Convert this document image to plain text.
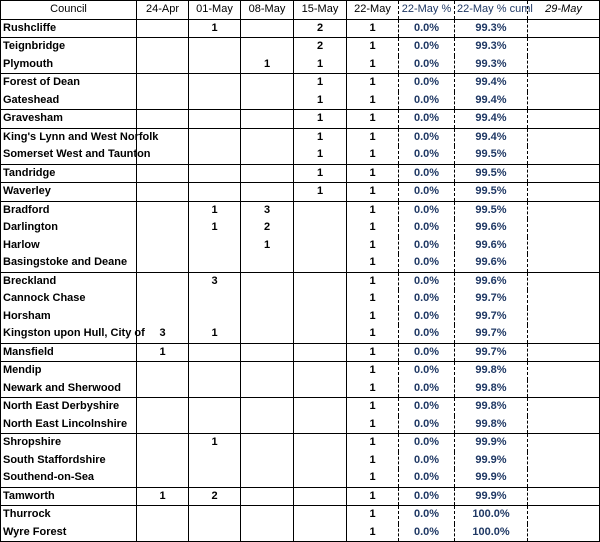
Council	24-Apr	01-May	08-May	15-May	22-May	22-May %	22-May % cuml	29-May
Rushcliffe		1		2	1	0.0%	99.3%	
Teignbridge				2	1	0.0%	99.3%	
Plymouth			1	1	1	0.0%	99.3%	
Forest of Dean				1	1	0.0%	99.4%	
Gateshead				1	1	0.0%	99.4%	
Gravesham				1	1	0.0%	99.4%	
King's Lynn and West Norfolk				1	1	0.0%	99.4%	
Somerset West and Taunton				1	1	0.0%	99.5%	
Tandridge				1	1	0.0%	99.5%	
Waverley				1	1	0.0%	99.5%	
Bradford		1	3		1	0.0%	99.5%	
Darlington		1	2		1	0.0%	99.6%	
Harlow			1		1	0.0%	99.6%	
Basingstoke and Deane					1	0.0%	99.6%	
Breckland		3			1	0.0%	99.6%	
Cannock Chase					1	0.0%	99.7%	
Horsham					1	0.0%	99.7%	
Kingston upon Hull, City of	3	1			1	0.0%	99.7%	
Mansfield	1				1	0.0%	99.7%	
Mendip					1	0.0%	99.8%	
Newark and Sherwood					1	0.0%	99.8%	
North East Derbyshire					1	0.0%	99.8%	
North East Lincolnshire					1	0.0%	99.8%	
Shropshire		1			1	0.0%	99.9%	
South Staffordshire					1	0.0%	99.9%	
Southend-on-Sea					1	0.0%	99.9%	
Tamworth	1	2			1	0.0%	99.9%	
Thurrock					1	0.0%	100.0%	
Wyre Forest					1	0.0%	100.0%	
